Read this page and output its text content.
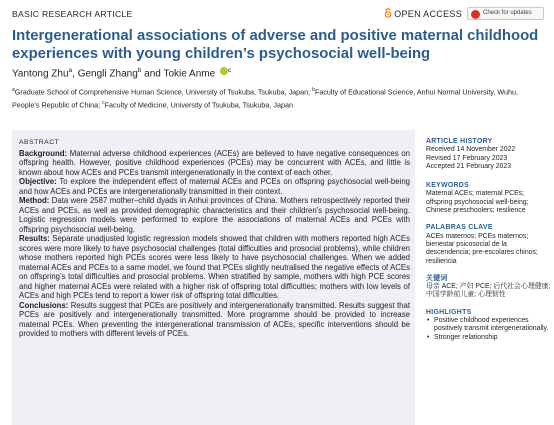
BASIC RESEARCH ARTICLE	OPEN ACCESS	Check for updates
Intergenerational associations of adverse and positive maternal childhood experiences with young children’s psychosocial well-being
Yantong Zhu$^a$, Gengli Zhang$^b$ and Tokie Anme $^c$
$^a$Graduate School of Comprehensive Human Science, University of Tsukuba, Tsukuba, Japan; $^b$Faculty of Educational Science, Anhui Normal University, Wuhu, People’s Republic of China; $^c$Faculty of Medicine, University of Tsukuba, Tsukuba, Japan
ABSTRACT

Background: Maternal adverse childhood experiences (ACEs) are believed to have negative consequences on offspring health. However, positive childhood experiences (PCEs) may be concurrent with ACEs, and little is known about how ACEs and PCEs transmit intergenerationally in the context of each other.

Objective: To explore the independent effect of maternal ACEs and PCEs on offspring psychosocial well-being and how ACEs and PCEs are intergenerationally transmitted in their context.

Method: Data were 2587 mother–child dyads in Anhui provinces of China. Mothers retrospectively reported their ACEs and PCEs, as well as provided demographic characteristics and their children’s psychosocial well-being. Logistic regression models were performed to explore the associations of maternal ACEs and PCEs with offspring psychosocial well-being.

Results: Separate unadjusted logistic regression models showed that children with mothers reported high ACEs scores were more likely to have psychosocial challenges (total difficulties and prosocial problems), while children whose mothers reported high PCEs scores were less likely to have psychosocial challenges. When we added maternal ACEs and PCEs to a same model, we found that PCEs slightly neutralised the negative effects of ACEs on offspring’s total difficulties and prosocial problems. When stratified by sample, mothers with high PCE scores and higher maternal ACEs were related with a higher risk of offspring total difficulties; mothers with low levels of ACEs and high PCEs tend to report a lower risk of offspring total difficulties.

Conclusions: Results suggest that PCEs are positively and intergenerationally transmitted. Results suggest that PCEs are positively and intergenerationally transmitted. More programme should be provided to increase maternal PCEs. When preventing the intergenerational transmission of ACEs, specific interventions should be provided to mothers with different levels of PCEs.

ARTICLE HISTORY
Received 14 November 2022
Revised 17 February 2023
Accepted 21 February 2023
KEYWORDS
Maternal ACEs; maternal PCEs; offspring psychosocial well-being; Chinese preschoolers; resilience
PALABRAS CLAVE
ACEs maternos; PCEs maternos; bienestar psicosocial de la descendencia; pre-escolares chinos; resiliencia
关键词
母亲 ACE; 产妇 PCE; 后代社会心理健康; 中国学龄前儿童; 心理韧性
HIGHLIGHTS
• Positive childhood experiences positively transmit intergenerationally.
• Stronger relationship
